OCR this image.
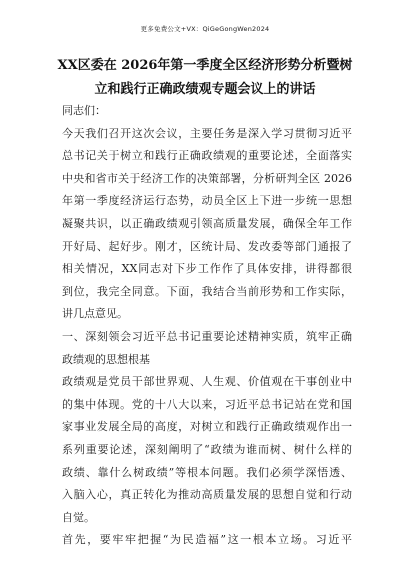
更多免费公文+VX：QiGeGongWen2024
XX区委在 2026年第一季度全区经济形势分析暨树
立和践行正确政绩观专题会议上的讲话

同志们：

今天我们召开这次会议，主要任务是深入学习贯彻习近平
总书记关于树立和践行正确政绩观的重要论述，全面落实
中央和省市关于经济工作的决策部署，分析研判全区 2026
年第一季度经济运行态势，动员全区上下进一步统一思想
凝聚共识，以正确政绩观引领高质量发展，确保全年工作
开好局、起好步。刚才，区统计局、发改委等部门通报了
相关情况，XX同志对下步工作作了具体安排，讲得都很
到位，我完全同意。下面，我结合当前形势和工作实际，
讲几点意见。

一、深刻领会习近平总书记重要论述精神实质，筑牢正确
政绩观的思想根基

政绩观是党员干部世界观、人生观、价值观在干事创业中
的集中体现。党的十八大以来，习近平总书记站在党和国
家事业发展全局的高度，对树立和践行正确政绩观作出一
系列重要论述，深刻阐明了“政绩为谁而树、树什么样的
政绩、靠什么树政绩”等根本问题。我们必须学深悟透、
入脑入心，真正转化为推动高质量发展的思想自觉和行动
自觉。

首先，要牢牢把握“为民造福”这一根本立场。习近平
